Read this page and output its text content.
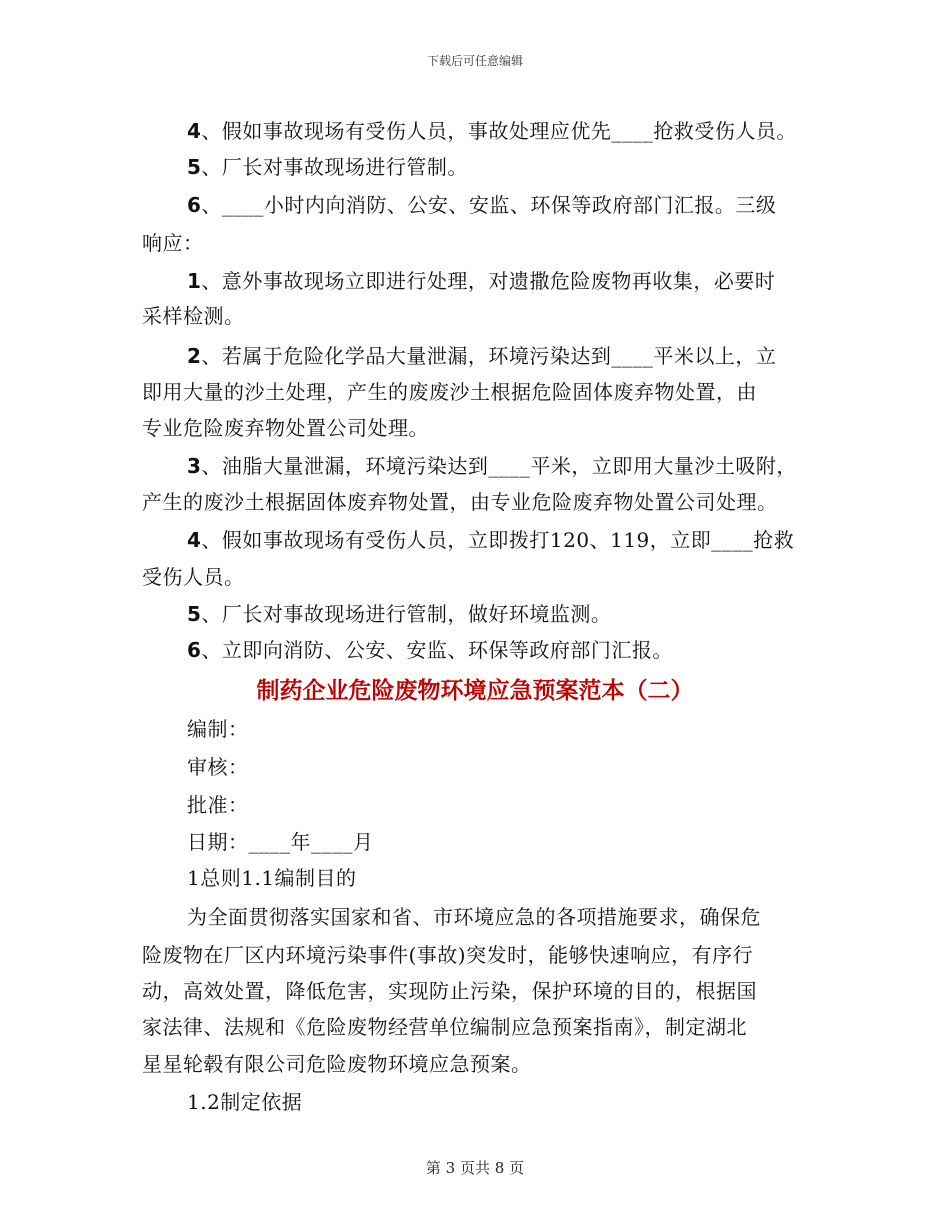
下载后可任意编辑
4、假如事故现场有受伤人员，事故处理应优先____抢救受伤人员。
5、厂长对事故现场进行管制。
6、____小时内向消防、公安、安监、环保等政府部门汇报。三级
响应：
1、意外事故现场立即进行处理，对遗撒危险废物再收集，必要时
采样检测。
2、若属于危险化学品大量泄漏，环境污染达到____平米以上，立
即用大量的沙土处理，产生的废废沙土根据危险固体废弃物处置，由
专业危险废弃物处置公司处理。
3、油脂大量泄漏，环境污染达到____平米，立即用大量沙土吸附，
产生的废沙土根据固体废弃物处置，由专业危险废弃物处置公司处理。
4、假如事故现场有受伤人员，立即拨打120、119，立即____抢救
受伤人员。
5、厂长对事故现场进行管制，做好环境监测。
6、立即向消防、公安、安监、环保等政府部门汇报。
制药企业危险废物环境应急预案范本（二）
编制：
审核：
批准：
日期：____年____月
1总则1.1编制目的
为全面贯彻落实国家和省、市环境应急的各项措施要求，确保危
险废物在厂区内环境污染事件(事故)突发时，能够快速响应，有序行
动，高效处置，降低危害，实现防止污染，保护环境的目的，根据国
家法律、法规和《危险废物经营单位编制应急预案指南》，制定湖北
星星轮毂有限公司危险废物环境应急预案。
1.2制定依据
第 3 页共 8 页
